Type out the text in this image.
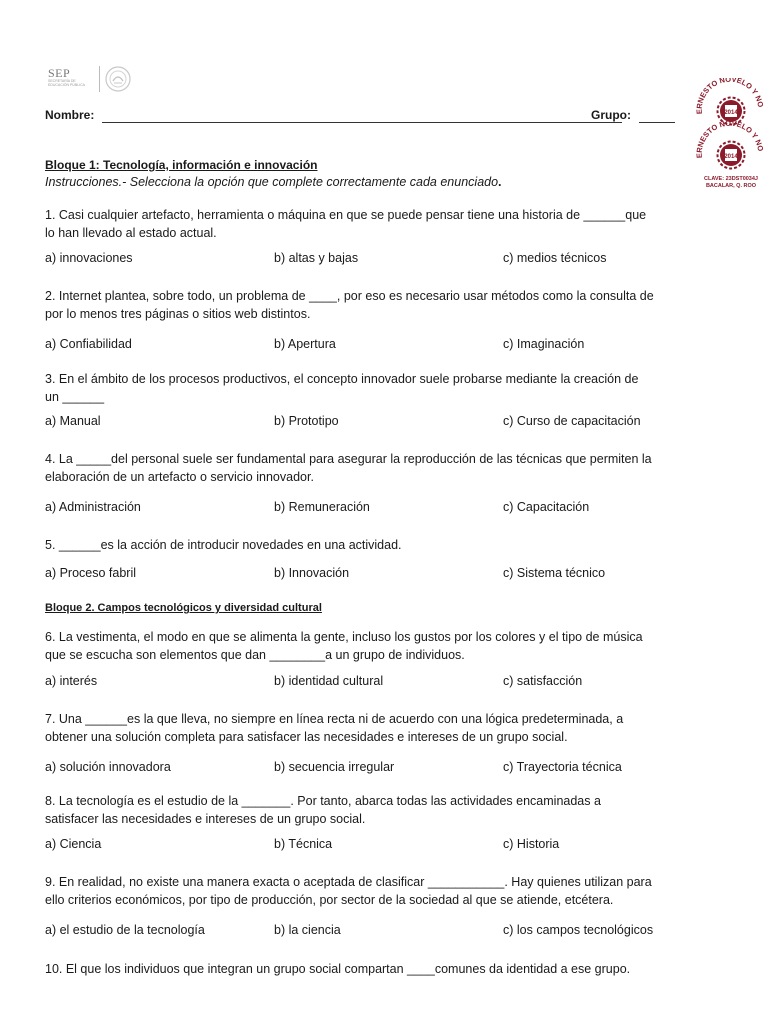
SEP
SECRETARÍA DE EDUCACIÓN PÚBLICA
ERNESTO NOVELO Y NO
2014
ERNESTO NOVELO Y NO
2014
CLAVE: 23DST0034J
BACALAR, Q. ROO
Nombre:	Grupo:
Bloque 1: Tecnología, información e innovación
Instrucciones.- Selecciona la opción que complete correctamente cada enunciado.
1. Casi cualquier artefacto, herramienta o máquina en que se puede pensar tiene una historia de ______que
lo han llevado al estado actual.
a) innovaciones	b) altas y bajas	c) medios técnicos
2. Internet plantea, sobre todo, un problema de ____, por eso es necesario usar métodos como la consulta de
por lo menos tres páginas o sitios web distintos.
a) Confiabilidad	b) Apertura	c) Imaginación
3. En el ámbito de los procesos productivos, el concepto innovador suele probarse mediante la creación de
un ______
a) Manual	b) Prototipo	c) Curso de capacitación
4. La _____del personal suele ser fundamental para asegurar la reproducción de las técnicas que permiten la
elaboración de un artefacto o servicio innovador.
a) Administración	b) Remuneración	c) Capacitación
5. ______es la acción de introducir novedades en una actividad.
a) Proceso fabril	b) Innovación	c) Sistema técnico
Bloque 2. Campos tecnológicos y diversidad cultural
6. La vestimenta, el modo en que se alimenta la gente, incluso los gustos por los colores y el tipo de música
que se escucha son elementos que dan ________a un grupo de individuos.
a) interés	b) identidad cultural	c) satisfacción
7. Una ______es la que lleva, no siempre en línea recta ni de acuerdo con una lógica predeterminada, a
obtener una solución completa para satisfacer las necesidades e intereses de un grupo social.
a) solución innovadora	b) secuencia irregular	c) Trayectoria técnica
8. La tecnología es el estudio de la _______. Por tanto, abarca todas las actividades encaminadas a
satisfacer las necesidades e intereses de un grupo social.
a) Ciencia	b) Técnica	c) Historia
9. En realidad, no existe una manera exacta o aceptada de clasificar ___________. Hay quienes utilizan para
ello criterios económicos, por tipo de producción, por sector de la sociedad al que se atiende, etcétera.
a) el estudio de la tecnología	b) la ciencia	c) los campos tecnológicos
10. El que los individuos que integran un grupo social compartan ____comunes da identidad a ese grupo.
